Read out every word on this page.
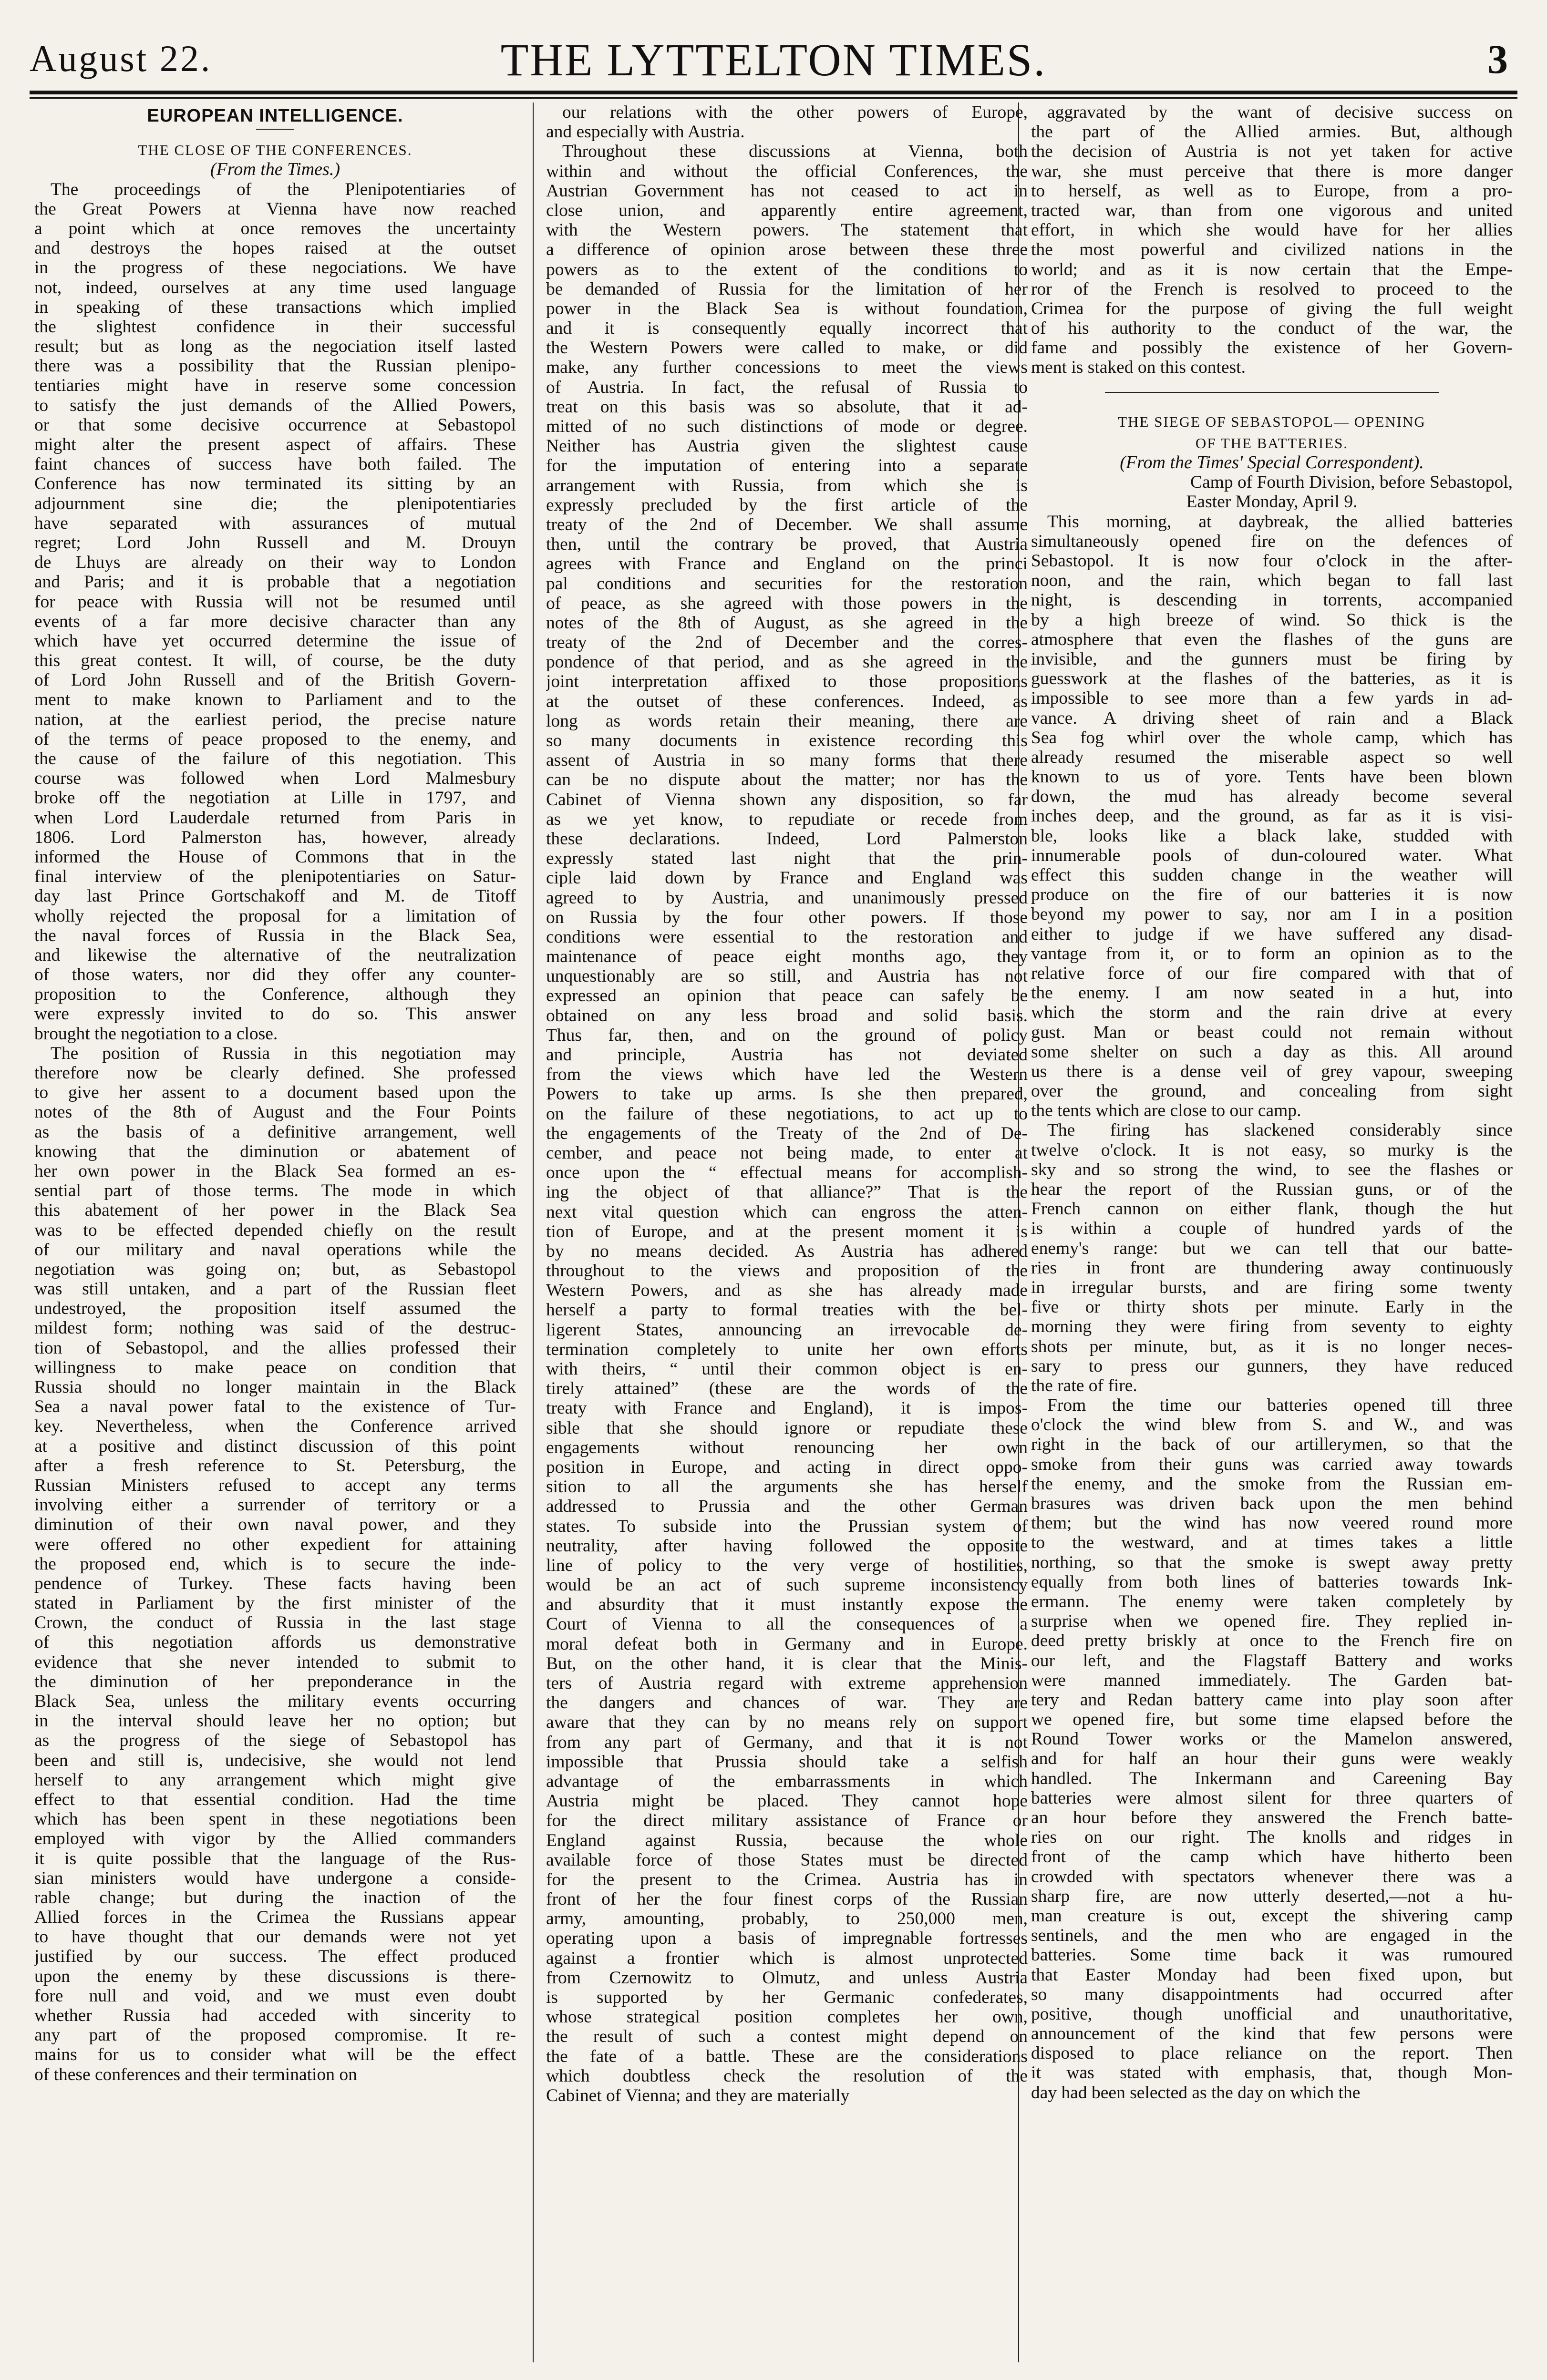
August 22.	THE LYTTELTON TIMES.	3
EUROPEAN INTELLIGENCE.
THE CLOSE OF THE CONFERENCES.
(From the Times.)
The proceedings of the Plenipotentiaries of
the Great Powers at Vienna have now reached
a point which at once removes the uncertainty
and destroys the hopes raised at the outset
in the progress of these negociations. We have
not, indeed, ourselves at any time used language
in speaking of these transactions which implied
the slightest confidence in their successful
result; but as long as the negociation itself lasted
there was a possibility that the Russian plenipo-
tentiaries might have in reserve some concession
to satisfy the just demands of the Allied Powers,
or that some decisive occurrence at Sebastopol
might alter the present aspect of affairs. These
faint chances of success have both failed. The
Conference has now terminated its sitting by an
adjournment sine die; the plenipotentiaries
have separated with assurances of mutual
regret; Lord John Russell and M. Drouyn
de Lhuys are already on their way to London
and Paris; and it is probable that a negotiation
for peace with Russia will not be resumed until
events of a far more decisive character than any
which have yet occurred determine the issue of
this great contest. It will, of course, be the duty
of Lord John Russell and of the British Govern-
ment to make known to Parliament and to the
nation, at the earliest period, the precise nature
of the terms of peace proposed to the enemy, and
the cause of the failure of this negotiation. This
course was followed when Lord Malmesbury
broke off the negotiation at Lille in 1797, and
when Lord Lauderdale returned from Paris in
1806. Lord Palmerston has, however, already
informed the House of Commons that in the
final interview of the plenipotentiaries on Satur-
day last Prince Gortschakoff and M. de Titoff
wholly rejected the proposal for a limitation of
the naval forces of Russia in the Black Sea,
and likewise the alternative of the neutralization
of those waters, nor did they offer any counter-
proposition to the Conference, although they
were expressly invited to do so. This answer
brought the negotiation to a close.
The position of Russia in this negotiation may
therefore now be clearly defined. She professed
to give her assent to a document based upon the
notes of the 8th of August and the Four Points
as the basis of a definitive arrangement, well
knowing that the diminution or abatement of
her own power in the Black Sea formed an es-
sential part of those terms. The mode in which
this abatement of her power in the Black Sea
was to be effected depended chiefly on the result
of our military and naval operations while the
negotiation was going on; but, as Sebastopol
was still untaken, and a part of the Russian fleet
undestroyed, the proposition itself assumed the
mildest form; nothing was said of the destruc-
tion of Sebastopol, and the allies professed their
willingness to make peace on condition that
Russia should no longer maintain in the Black
Sea a naval power fatal to the existence of Tur-
key. Nevertheless, when the Conference arrived
at a positive and distinct discussion of this point
after a fresh reference to St. Petersburg, the
Russian Ministers refused to accept any terms
involving either a surrender of territory or a
diminution of their own naval power, and they
were offered no other expedient for attaining
the proposed end, which is to secure the inde-
pendence of Turkey. These facts having been
stated in Parliament by the first minister of the
Crown, the conduct of Russia in the last stage
of this negotiation affords us demonstrative
evidence that she never intended to submit to
the diminution of her preponderance in the
Black Sea, unless the military events occurring
in the interval should leave her no option; but
as the progress of the siege of Sebastopol has
been and still is, undecisive, she would not lend
herself to any arrangement which might give
effect to that essential condition. Had the time
which has been spent in these negotiations been
employed with vigor by the Allied commanders
it is quite possible that the language of the Rus-
sian ministers would have undergone a conside-
rable change; but during the inaction of the
Allied forces in the Crimea the Russians appear
to have thought that our demands were not yet
justified by our success. The effect produced
upon the enemy by these discussions is there-
fore null and void, and we must even doubt
whether Russia had acceded with sincerity to
any part of the proposed compromise. It re-
mains for us to consider what will be the effect
of these conferences and their termination on
our relations with the other powers of Europe,
and especially with Austria.
Throughout these discussions at Vienna, both
within and without the official Conferences, the
Austrian Government has not ceased to act in
close union, and apparently entire agreement,
with the Western powers. The statement that
a difference of opinion arose between these three
powers as to the extent of the conditions to
be demanded of Russia for the limitation of her
power in the Black Sea is without foundation,
and it is consequently equally incorrect that
the Western Powers were called to make, or did
make, any further concessions to meet the views
of Austria. In fact, the refusal of Russia to
treat on this basis was so absolute, that it ad-
mitted of no such distinctions of mode or degree.
Neither has Austria given the slightest cause
for the imputation of entering into a separate
arrangement with Russia, from which she is
expressly precluded by the first article of the
treaty of the 2nd of December. We shall assume
then, until the contrary be proved, that Austria
agrees with France and England on the princi
pal conditions and securities for the restoration
of peace, as she agreed with those powers in the
notes of the 8th of August, as she agreed in the
treaty of the 2nd of December and the corres-
pondence of that period, and as she agreed in the
joint interpretation affixed to those propositions
at the outset of these conferences. Indeed, as
long as words retain their meaning, there are
so many documents in existence recording this
assent of Austria in so many forms that there
can be no dispute about the matter; nor has the
Cabinet of Vienna shown any disposition, so far
as we yet know, to repudiate or recede from
these declarations. Indeed, Lord Palmerston
expressly stated last night that the prin-
ciple laid down by France and England was
agreed to by Austria, and unanimously pressed
on Russia by the four other powers. If those
conditions were essential to the restoration and
maintenance of peace eight months ago, they
unquestionably are so still, and Austria has not
expressed an opinion that peace can safely be
obtained on any less broad and solid basis.
Thus far, then, and on the ground of policy
and principle, Austria has not deviated
from the views which have led the Western
Powers to take up arms. Is she then prepared,
on the failure of these negotiations, to act up to
the engagements of the Treaty of the 2nd of De-
cember, and peace not being made, to enter at
once upon the “ effectual means for accomplish-
ing the object of that alliance?” That is the
next vital question which can engross the atten-
tion of Europe, and at the present moment it is
by no means decided. As Austria has adhered
throughout to the views and proposition of the
Western Powers, and as she has already made
herself a party to formal treaties with the bel-
ligerent States, announcing an irrevocable de-
termination completely to unite her own efforts
with theirs, “ until their common object is en-
tirely attained” (these are the words of the
treaty with France and England), it is impos-
sible that she should ignore or repudiate these
engagements without renouncing her own
position in Europe, and acting in direct oppo-
sition to all the arguments she has herself
addressed to Prussia and the other German
states. To subside into the Prussian system of
neutrality, after having followed the opposite
line of policy to the very verge of hostilities,
would be an act of such supreme inconsistency
and absurdity that it must instantly expose the
Court of Vienna to all the consequences of a
moral defeat both in Germany and in Europe.
But, on the other hand, it is clear that the Minis-
ters of Austria regard with extreme apprehension
the dangers and chances of war. They are
aware that they can by no means rely on support
from any part of Germany, and that it is not
impossible that Prussia should take a selfish
advantage of the embarrassments in which
Austria might be placed. They cannot hope
for the direct military assistance of France or
England against Russia, because the whole
available force of those States must be directed
for the present to the Crimea. Austria has in
front of her the four finest corps of the Russian
army, amounting, probably, to 250,000 men,
operating upon a basis of impregnable fortresses
against a frontier which is almost unprotected
from Czernowitz to Olmutz, and unless Austria
is supported by her Germanic confederates,
whose strategical position completes her own,
the result of such a contest might depend on
the fate of a battle. These are the considerations
which doubtless check the resolution of the
Cabinet of Vienna; and they are materially
aggravated by the want of decisive success on
the part of the Allied armies. But, although
the decision of Austria is not yet taken for active
war, she must perceive that there is more danger
to herself, as well as to Europe, from a pro-
tracted war, than from one vigorous and united
effort, in which she would have for her allies
the most powerful and civilized nations in the
world; and as it is now certain that the Empe-
ror of the French is resolved to proceed to the
Crimea for the purpose of giving the full weight
of his authority to the conduct of the war, the
fame and possibly the existence of her Govern-
ment is staked on this contest.
THE SIEGE OF SEBASTOPOL— OPENING
OF THE BATTERIES.
(From the Times' Special Correspondent).
Camp of Fourth Division, before Sebastopol,
Easter Monday, April 9.
This morning, at daybreak, the allied batteries
simultaneously opened fire on the defences of
Sebastopol. It is now four o'clock in the after-
noon, and the rain, which began to fall last
night, is descending in torrents, accompanied
by a high breeze of wind. So thick is the
atmosphere that even the flashes of the guns are
invisible, and the gunners must be firing by
guesswork at the flashes of the batteries, as it is
impossible to see more than a few yards in ad-
vance. A driving sheet of rain and a Black
Sea fog whirl over the whole camp, which has
already resumed the miserable aspect so well
known to us of yore. Tents have been blown
down, the mud has already become several
inches deep, and the ground, as far as it is visi-
ble, looks like a black lake, studded with
innumerable pools of dun-coloured water. What
effect this sudden change in the weather will
produce on the fire of our batteries it is now
beyond my power to say, nor am I in a position
either to judge if we have suffered any disad-
vantage from it, or to form an opinion as to the
relative force of our fire compared with that of
the enemy. I am now seated in a hut, into
which the storm and the rain drive at every
gust. Man or beast could not remain without
some shelter on such a day as this. All around
us there is a dense veil of grey vapour, sweeping
over the ground, and concealing from sight
the tents which are close to our camp.
The firing has slackened considerably since
twelve o'clock. It is not easy, so murky is the
sky and so strong the wind, to see the flashes or
hear the report of the Russian guns, or of the
French cannon on either flank, though the hut
is within a couple of hundred yards of the
enemy's range: but we can tell that our batte-
ries in front are thundering away continuously
in irregular bursts, and are firing some twenty
five or thirty shots per minute. Early in the
morning they were firing from seventy to eighty
shots per minute, but, as it is no longer neces-
sary to press our gunners, they have reduced
the rate of fire.
From the time our batteries opened till three
o'clock the wind blew from S. and W., and was
right in the back of our artillerymen, so that the
smoke from their guns was carried away towards
the enemy, and the smoke from the Russian em-
brasures was driven back upon the men behind
them; but the wind has now veered round more
to the westward, and at times takes a little
northing, so that the smoke is swept away pretty
equally from both lines of batteries towards Ink-
ermann. The enemy were taken completely by
surprise when we opened fire. They replied in-
deed pretty briskly at once to the French fire on
our left, and the Flagstaff Battery and works
were manned immediately. The Garden bat-
tery and Redan battery came into play soon after
we opened fire, but some time elapsed before the
Round Tower works or the Mamelon answered,
and for half an hour their guns were weakly
handled. The Inkermann and Careening Bay
batteries were almost silent for three quarters of
an hour before they answered the French batte-
ries on our right. The knolls and ridges in
front of the camp which have hitherto been
crowded with spectators whenever there was a
sharp fire, are now utterly deserted,—not a hu-
man creature is out, except the shivering camp
sentinels, and the men who are engaged in the
batteries. Some time back it was rumoured
that Easter Monday had been fixed upon, but
so many disappointments had occurred after
positive, though unofficial and unauthoritative,
announcement of the kind that few persons were
disposed to place reliance on the report. Then
it was stated with emphasis, that, though Mon-
day had been selected as the day on which the
